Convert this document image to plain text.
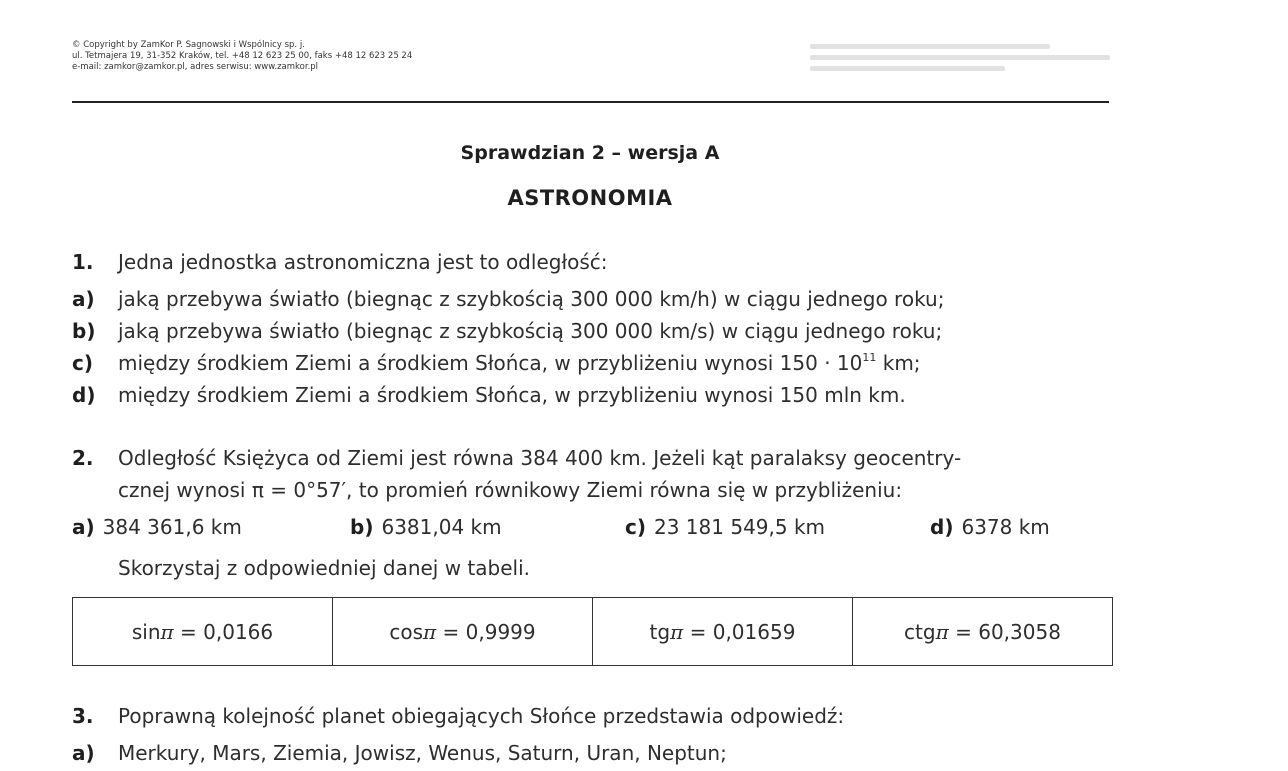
© Copyright by ZamKor P. Sagnowski i Wspólnicy sp. j.
ul. Tetmajera 19, 31-352 Kraków, tel. +48 12 623 25 00, faks +48 12 623 25 24
e-mail: zamkor@zamkor.pl, adres serwisu: www.zamkor.pl
Sprawdzian 2 – wersja A
ASTRONOMIA
1. Jedna jednostka astronomiczna jest to odległość:
a) jaką przebywa światło (biegnąc z szybkością 300 000 km/h) w ciągu jednego roku;
b) jaką przebywa światło (biegnąc z szybkością 300 000 km/s) w ciągu jednego roku;
c) między środkiem Ziemi a środkiem Słońca, w przybliżeniu wynosi $150 \cdot 10^{11}$ km;
d) między środkiem Ziemi a środkiem Słońca, w przybliżeniu wynosi 150 mln km.
2. Odległość Księżyca od Ziemi jest równa 384 400 km. Jeżeli kąt paralaksy geocentry-
cznej wynosi π = 0°57′, to promień równikowy Ziemi równa się w przybliżeniu:
a) 384 361,6 km	b) 6381,04 km	c) 23 181 549,5 km	d) 6378 km
Skorzystaj z odpowiedniej danej w tabeli.
sinπ = 0,0166	cosπ = 0,9999	tgπ = 0,01659	ctgπ = 60,3058
3. Poprawną kolejność planet obiegających Słońce przedstawia odpowiedź:
a) Merkury, Mars, Ziemia, Jowisz, Wenus, Saturn, Uran, Neptun;
